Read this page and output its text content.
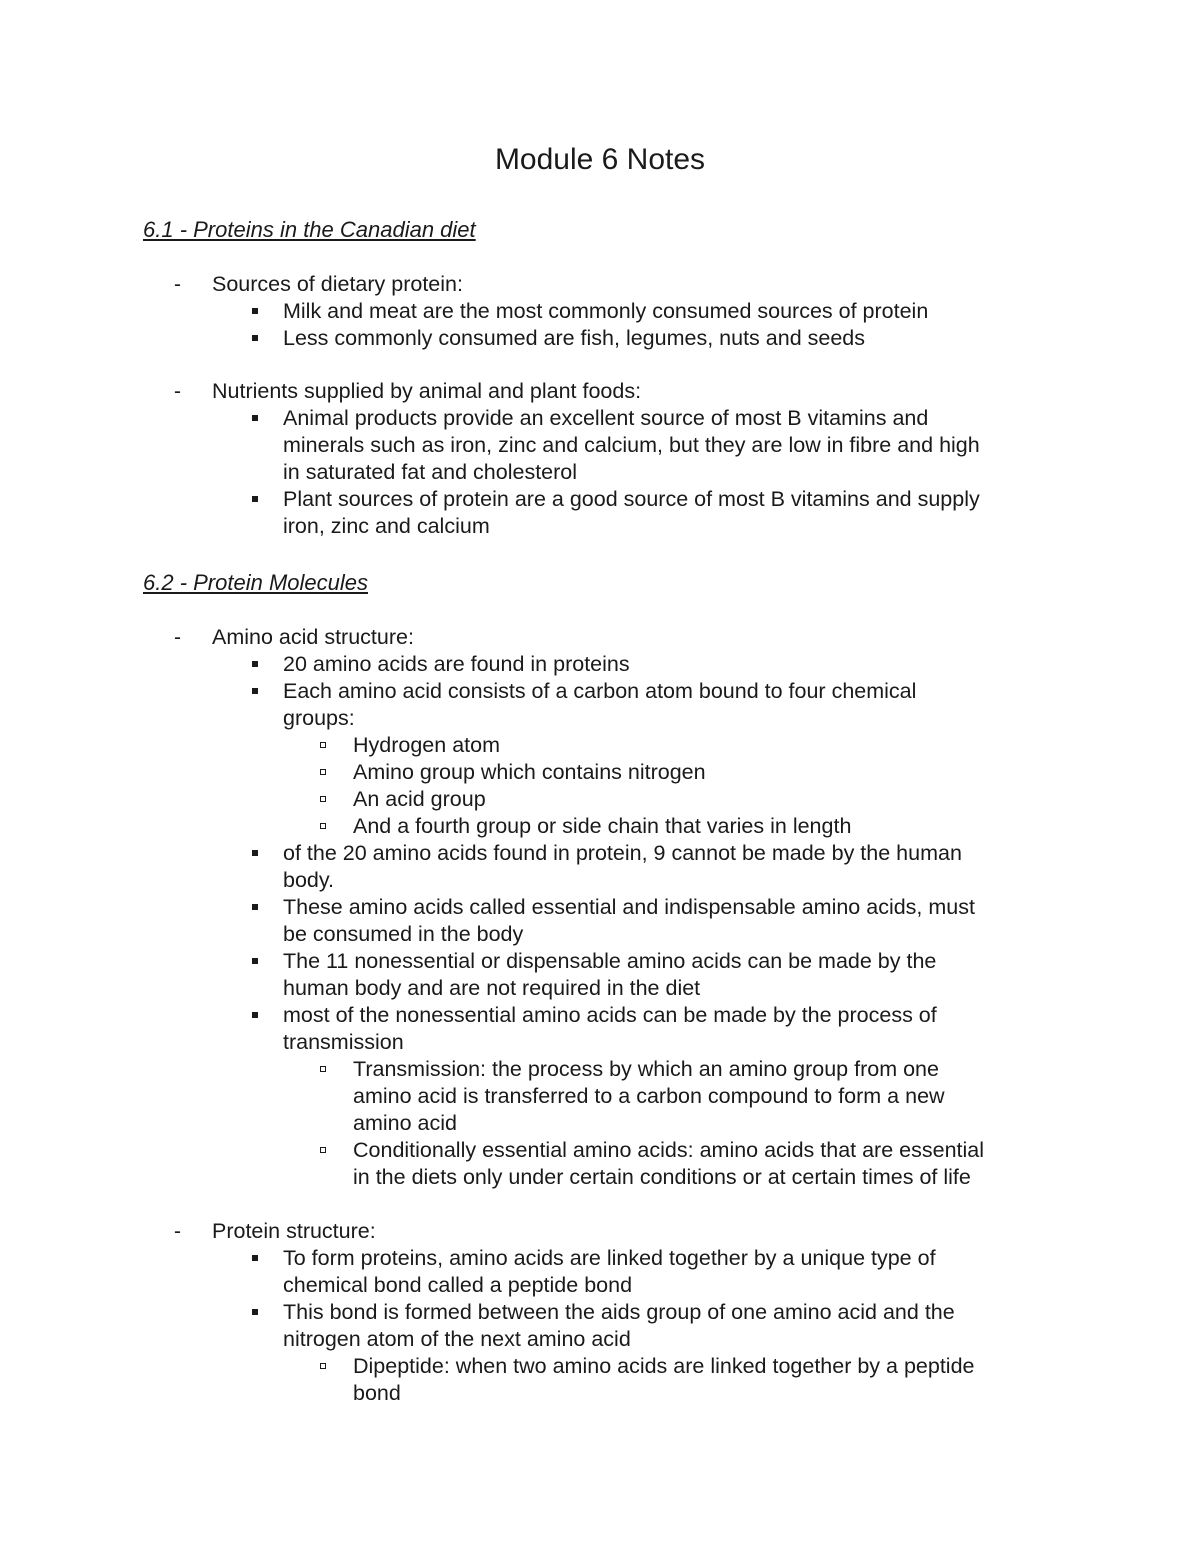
Module 6 Notes
6.1 - Proteins in the Canadian diet
- Sources of dietary protein:
Milk and meat are the most commonly consumed sources of protein
Less commonly consumed are fish, legumes, nuts and seeds
- Nutrients supplied by animal and plant foods:
Animal products provide an excellent source of most B vitamins and
minerals such as iron, zinc and calcium, but they are low in fibre and high
in saturated fat and cholesterol
Plant sources of protein are a good source of most B vitamins and supply
iron, zinc and calcium
6.2 - Protein Molecules
- Amino acid structure:
20 amino acids are found in proteins
Each amino acid consists of a carbon atom bound to four chemical
groups:
Hydrogen atom
Amino group which contains nitrogen
An acid group
And a fourth group or side chain that varies in length
of the 20 amino acids found in protein, 9 cannot be made by the human
body.
These amino acids called essential and indispensable amino acids, must
be consumed in the body
The 11 nonessential or dispensable amino acids can be made by the
human body and are not required in the diet
most of the nonessential amino acids can be made by the process of
transmission
Transmission: the process by which an amino group from one
amino acid is transferred to a carbon compound to form a new
amino acid
Conditionally essential amino acids: amino acids that are essential
in the diets only under certain conditions or at certain times of life
- Protein structure:
To form proteins, amino acids are linked together by a unique type of
chemical bond called a peptide bond
This bond is formed between the aids group of one amino acid and the
nitrogen atom of the next amino acid
Dipeptide: when two amino acids are linked together by a peptide
bond
